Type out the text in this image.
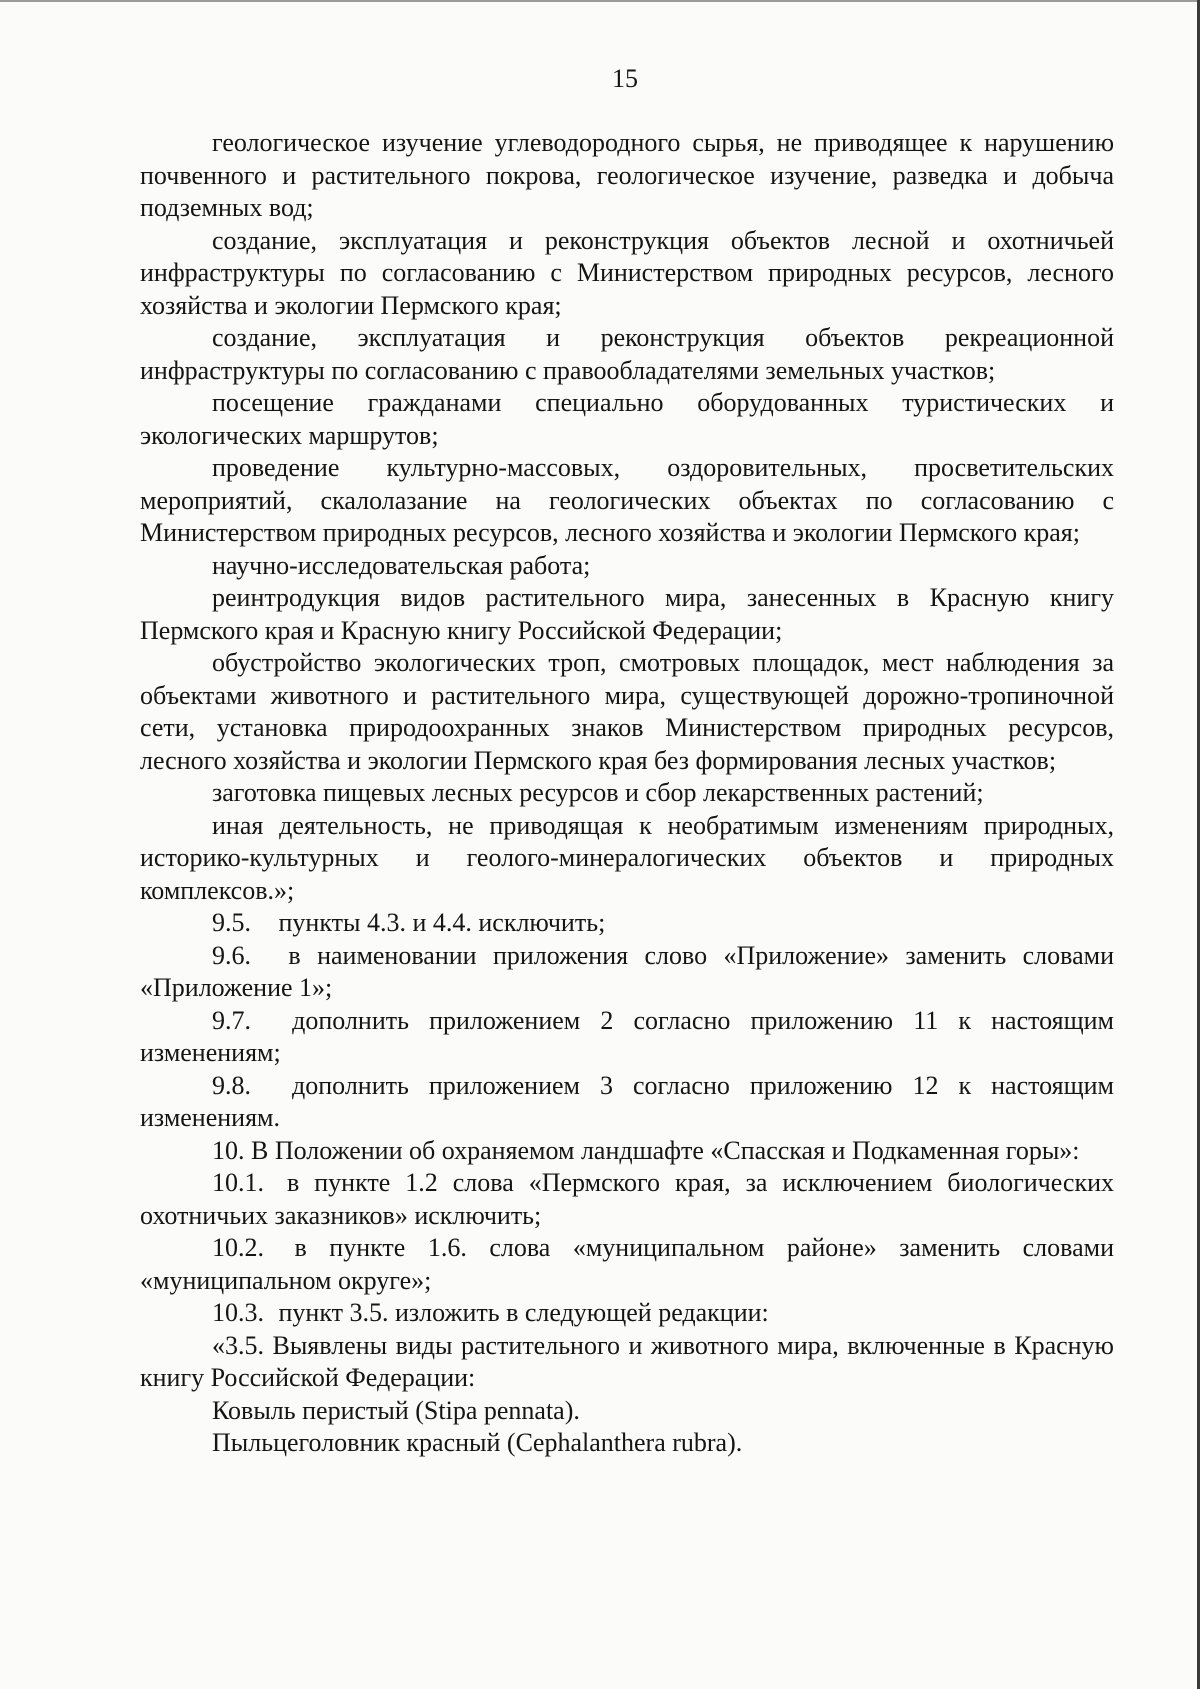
15

геологическое изучение углеводородного сырья, не приводящее к нарушению почвенного и растительного покрова, геологическое изучение, разведка и добыча подземных вод;

создание, эксплуатация и реконструкция объектов лесной и охотничьей инфраструктуры по согласованию с Министерством природных ресурсов, лесного хозяйства и экологии Пермского края;

создание, эксплуатация и реконструкция объектов рекреационной инфраструктуры по согласованию с правообладателями земельных участков;

посещение гражданами специально оборудованных туристических и экологических маршрутов;

проведение культурно-массовых, оздоровительных, просветительских мероприятий, скалолазание на геологических объектах по согласованию с Министерством природных ресурсов, лесного хозяйства и экологии Пермского края;

научно-исследовательская работа;

реинтродукция видов растительного мира, занесенных в Красную книгу Пермского края и Красную книгу Российской Федерации;

обустройство экологических троп, смотровых площадок, мест наблюдения за объектами животного и растительного мира, существующей дорожно-тропиночной сети, установка природоохранных знаков Министерством природных ресурсов, лесного хозяйства и экологии Пермского края без формирования лесных участков;

заготовка пищевых лесных ресурсов и сбор лекарственных растений;

иная деятельность, не приводящая к необратимым изменениям природных, историко-культурных и геолого-минералогических объектов и природных комплексов.»;

9.5. пункты 4.3. и 4.4. исключить;

9.6. в наименовании приложения слово «Приложение» заменить словами «Приложение 1»;

9.7. дополнить приложением 2 согласно приложению 11 к настоящим изменениям;

9.8. дополнить приложением 3 согласно приложению 12 к настоящим изменениям.

10. В Положении об охраняемом ландшафте «Спасская и Подкаменная горы»:

10.1. в пункте 1.2 слова «Пермского края, за исключением биологических охотничьих заказников» исключить;

10.2. в пункте 1.6. слова «муниципальном районе» заменить словами «муниципальном округе»;

10.3. пункт 3.5. изложить в следующей редакции:

«3.5. Выявлены виды растительного и животного мира, включенные в Красную книгу Российской Федерации:

Ковыль перистый (Stipa pennata).

Пыльцеголовник красный (Cephalanthera rubra).
